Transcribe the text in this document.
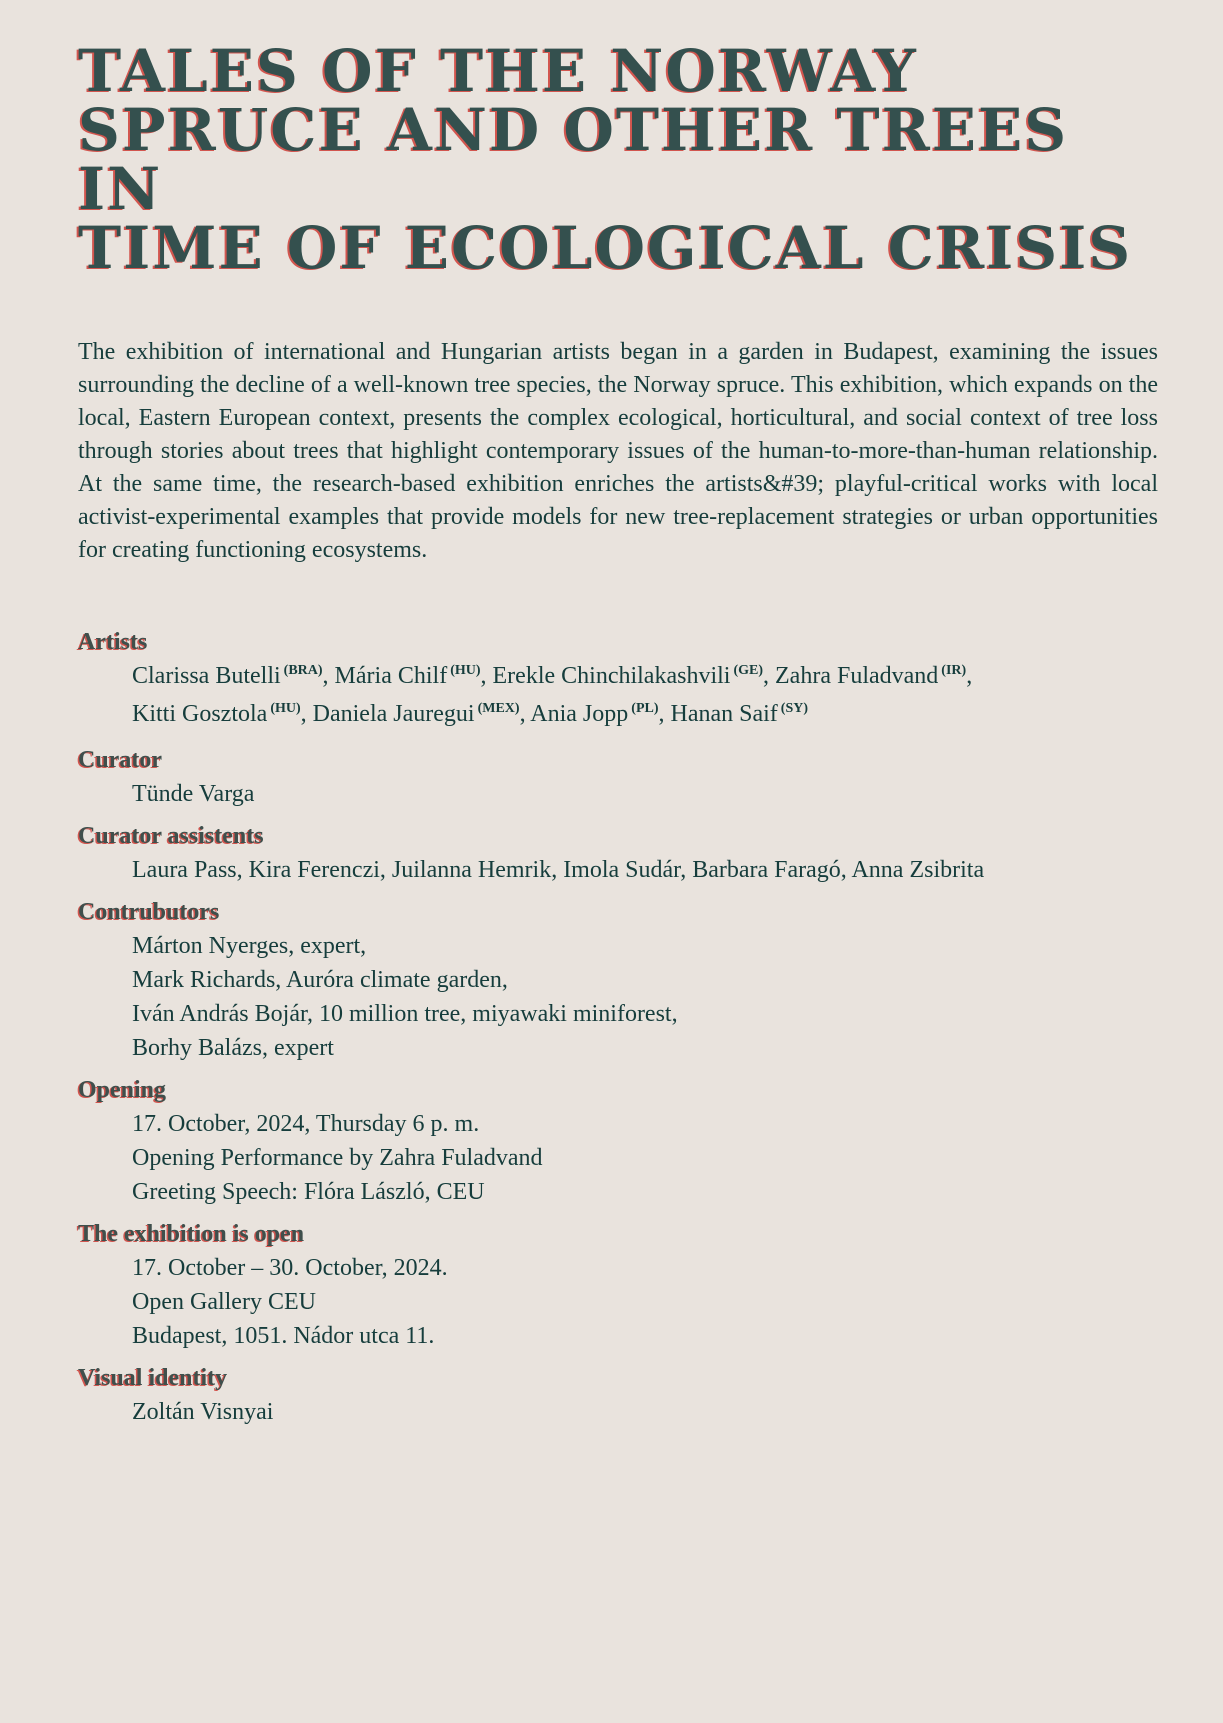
TALES OF THE NORWAY
SPRUCE AND OTHER TREES IN
TIME OF ECOLOGICAL CRISIS

The exhibition of international and Hungarian artists began in a garden in Budapest, examining the issues surrounding the decline of a well-known tree species, the Norway spruce. This exhibition, which expands on the local, Eastern European context, presents the complex ecological, horticultural, and social context of tree loss through stories about trees that highlight contemporary issues of the human-to-more-than-human relationship. At the same time, the research-based exhibition enriches the artists&#39; playful-critical works with local activist-experimental examples that provide models for new tree-replacement strategies or urban opportunities for creating functioning ecosystems.

Artists
Clarissa Butelli $^{(BRA)}$, Mária Chilf $^{(HU)}$, Erekle Chinchilakashvili $^{(GE)}$, Zahra Fuladvand $^{(IR)}$,
Kitti Gosztola $^{(HU)}$, Daniela Jauregui $^{(MEX)}$, Ania Jopp $^{(PL)}$, Hanan Saif $^{(SY)}$
Curator
Tünde Varga
Curator assistents
Laura Pass, Kira Ferenczi, Juilanna Hemrik, Imola Sudár, Barbara Faragó, Anna Zsibrita
Contrubutors
Márton Nyerges, expert,
Mark Richards, Auróra climate garden,
Iván András Bojár, 10 million tree, miyawaki miniforest,
Borhy Balázs, expert
Opening
17. October, 2024, Thursday 6 p. m.
Opening Performance by Zahra Fuladvand
Greeting Speech: Flóra László, CEU
The exhibition is open
17. October – 30. October, 2024.
Open Gallery CEU
Budapest, 1051. Nádor utca 11.
Visual identity
Zoltán Visnyai
